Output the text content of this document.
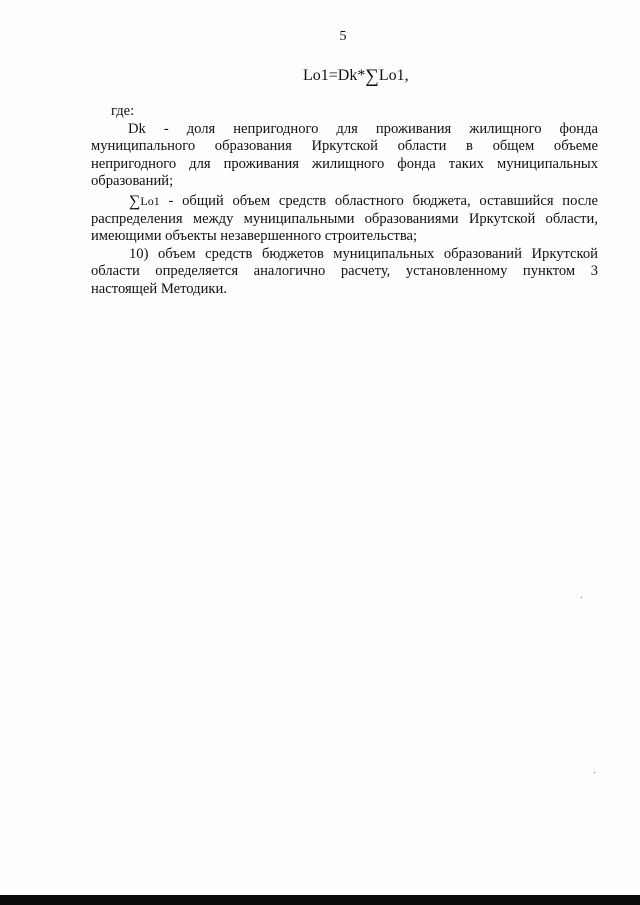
5
Lo1=Dk*∑Lo1,
где:
Dk - доля непригодного для проживания жилищного фонда
муниципального образования Иркутской области в общем объеме
непригодного для проживания жилищного фонда таких муниципальных
образований;
∑Lo1 - общий объем средств областного бюджета, оставшийся после
распределения между муниципальными образованиями Иркутской области,
имеющими объекты незавершенного строительства;
10) объем средств бюджетов муниципальных образований Иркутской
области определяется аналогично расчету, установленному пунктом 3
настоящей Методики.
